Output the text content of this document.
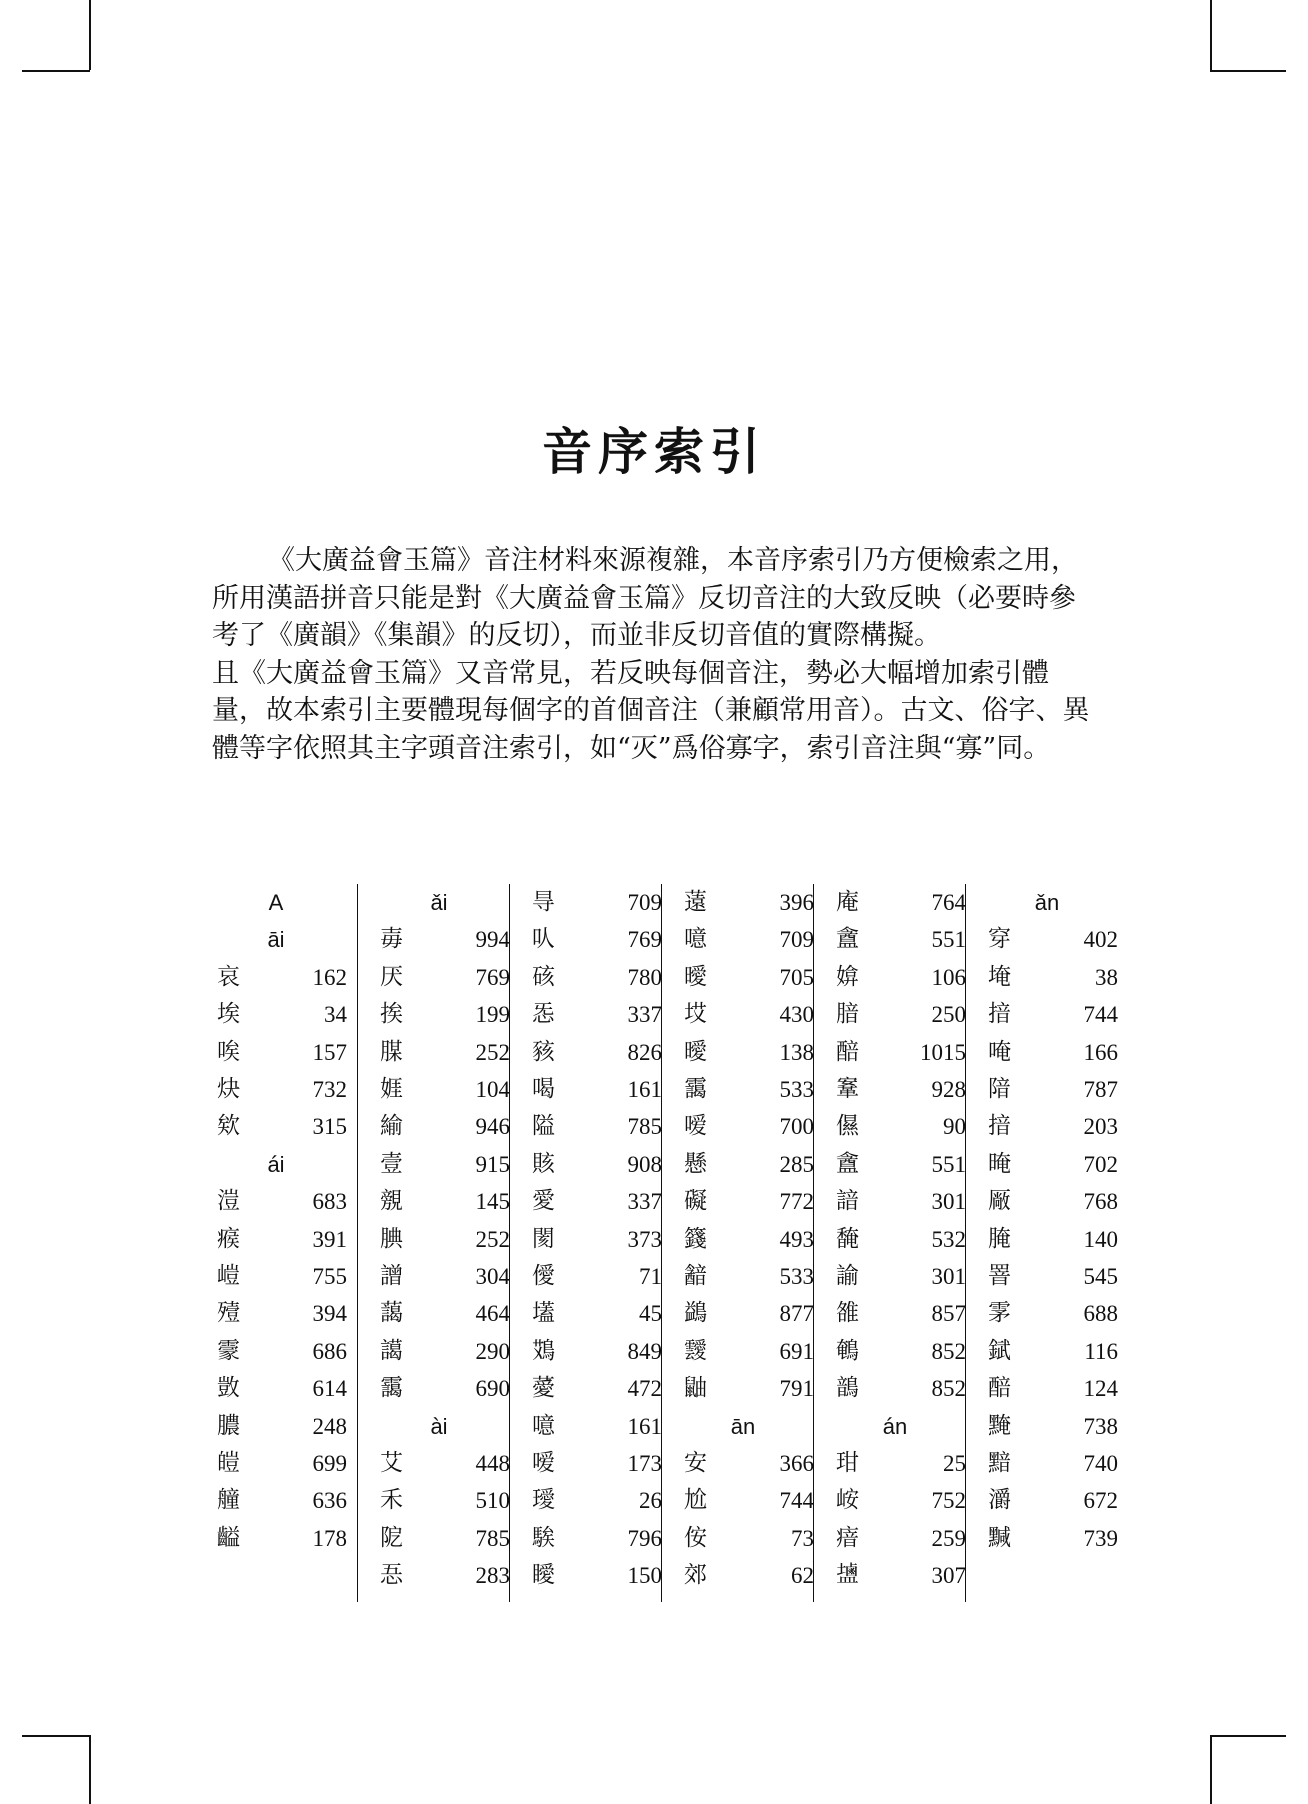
音序索引

《大廣益會玉篇》音注材料來源複雜，本音序索引乃方便檢索之用，所用漢語拼音只能是對《大廣益會玉篇》反切音注的大致反映（必要時參考了《廣韻》《集韻》的反切），而並非反切音值的實際構擬。

且《大廣益會玉篇》又音常見，若反映每個音注，勢必大幅增加索引體量，故本索引主要體現每個字的首個音注（兼顧常用音）。古文、俗字、異體等字依照其主字頭音注索引，如“灭”爲俗寡字，索引音注與“寡”同。

A
āi
哀	162
埃	34
唉	157
炔	732
欸	315
ái
溰	683
瘊	391
嵦	755
殪	394
霥	686
敳	614
膿	248
皚	699
艟	636
齸	178
ǎi
毐	994
厌	769
挨	199
腜	252
娾	104
緰	946
壹	915
覫	145
腆	252
譄	304
藹	464
譪	290
靄	690
ài
艾	448
禾	510
阸	785
忢	283
㝵	709
㕥	769
硋	780
㤅	337
豥	826
喝	161
隘	785
賅	908
愛	337
閡	373
僾	71
壒	45
鴱	849
薆	472
噫	161
嗳	173
璦	26
騃	796
瞹	150
薳	396
噫	709
曖	705
㘷	430
曖	138
靄	533
嗳	700
懸	285
礙	772
籛	493
韽	533
鷁	877
靉	691
鼬	791
ān
安	366
尬	744
侒	73
郊	62
庵	764
盦	551
媕	106
腤	250
醅	1015
鞌	928
儑	90
盦	551
諳	301
馣	532
諭	301
雒	857
鵪	852
鶕	852
án
玵	25
峖	752
瘖	259
𪉩	307
ǎn
穿	402
埯	38
揞	744
唵	166
隌	787
揞	203
晻	702
厰	768
腌	140
罯	545
雺	688
錻	116
醅	124
黤	738
黯	740
灂	672
黬	739
